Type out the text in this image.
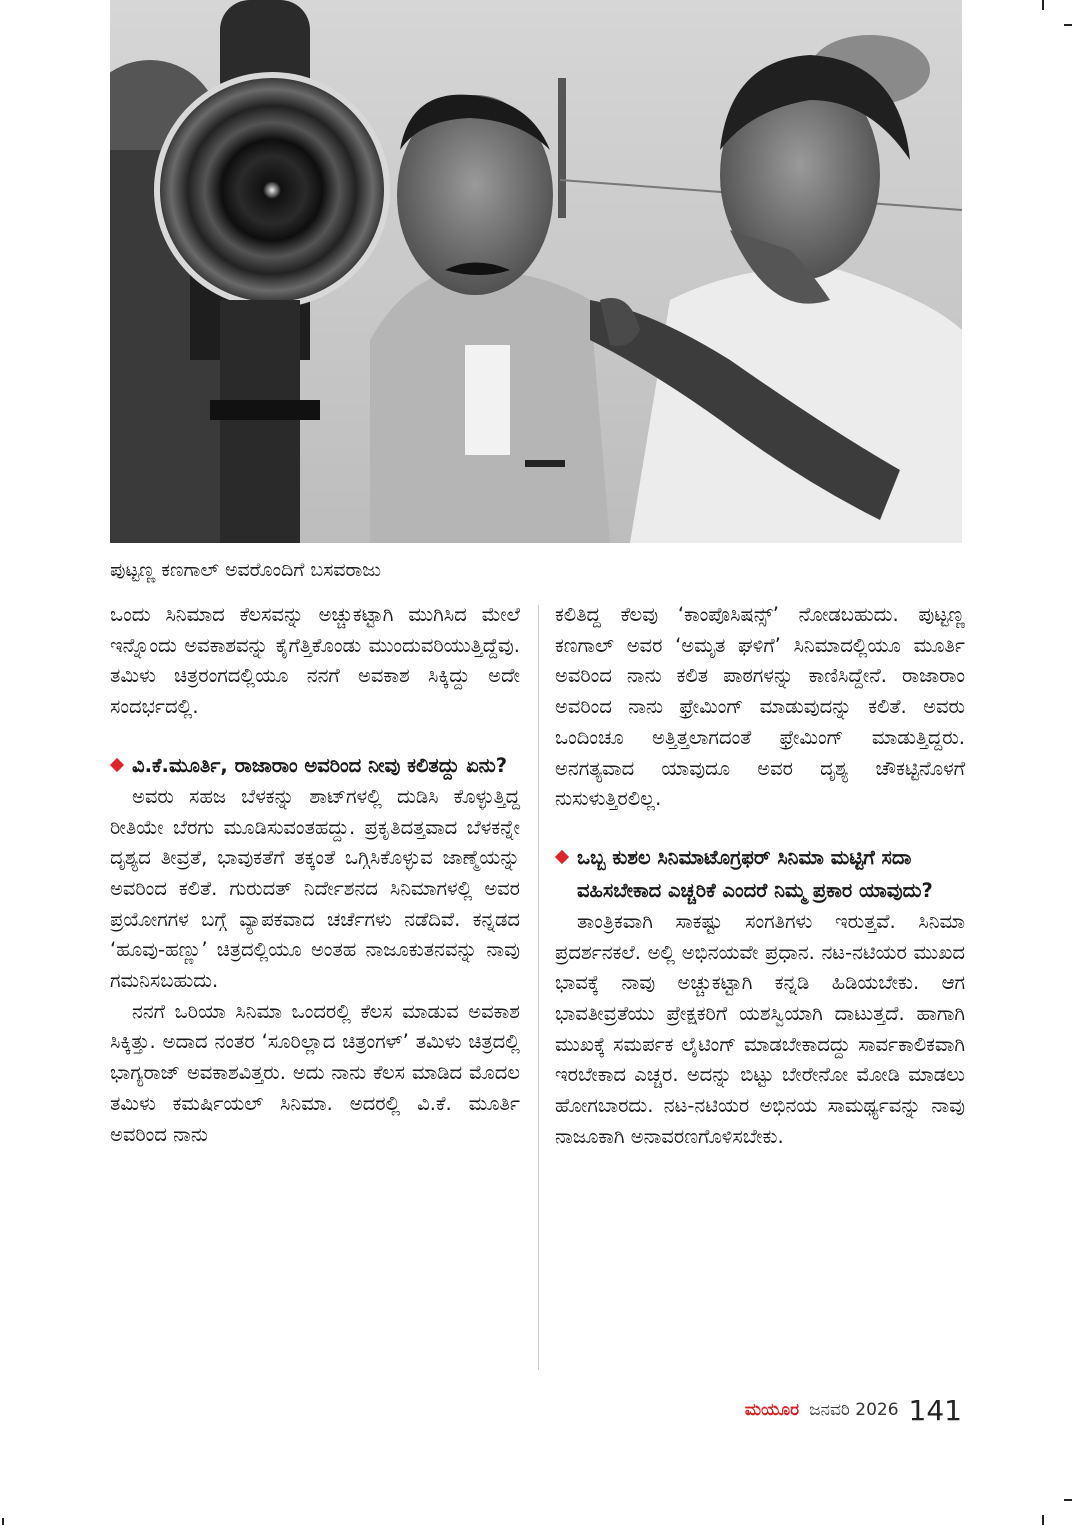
ಪುಟ್ಟಣ್ಣ ಕಣಗಾಲ್ ಅವರೊಂದಿಗೆ ಬಸವರಾಜು

ಒಂದು ಸಿನಿಮಾದ ಕೆಲಸವನ್ನು ಅಚ್ಚುಕಟ್ಟಾಗಿ ಮುಗಿಸಿದ ಮೇಲೆ ಇನ್ನೊಂದು ಅವಕಾಶವನ್ನು ಕೈಗೆತ್ತಿಕೊಂಡು ಮುಂದುವರಿಯುತ್ತಿದ್ದೆವು. ತಮಿಳು ಚಿತ್ರರಂಗದಲ್ಲಿಯೂ ನನಗೆ ಅವಕಾಶ ಸಿಕ್ಕಿದ್ದು ಅದೇ ಸಂದರ್ಭದಲ್ಲಿ.

ವಿ.ಕೆ.ಮೂರ್ತಿ, ರಾಜಾರಾಂ ಅವರಿಂದ ನೀವು ಕಲಿತದ್ದು ಏನು?

ಅವರು ಸಹಜ ಬೆಳಕನ್ನು ಶಾಟ್‌ಗಳಲ್ಲಿ ದುಡಿಸಿ ಕೊಳ್ಳುತ್ತಿದ್ದ ರೀತಿಯೇ ಬೆರಗು ಮೂಡಿಸುವಂತಹದ್ದು. ಪ್ರಕೃತಿದತ್ತವಾದ ಬೆಳಕನ್ನೇ ದೃಶ್ಯದ ತೀವ್ರತೆ, ಭಾವುಕತೆಗೆ ತಕ್ಕಂತೆ ಒಗ್ಗಿಸಿಕೊಳ್ಳುವ ಜಾಣ್ಮೆಯನ್ನು ಅವರಿಂದ ಕಲಿತೆ. ಗುರುದತ್ ನಿರ್ದೇಶನದ ಸಿನಿಮಾಗಳಲ್ಲಿ ಅವರ ಪ್ರಯೋಗಗಳ ಬಗ್ಗೆ ವ್ಯಾಪಕವಾದ ಚರ್ಚೆಗಳು ನಡೆದಿವೆ. ಕನ್ನಡದ ‘ಹೂವು-ಹಣ್ಣು’ ಚಿತ್ರದಲ್ಲಿಯೂ ಅಂತಹ ನಾಜೂಕುತನವನ್ನು ನಾವು ಗಮನಿಸಬಹುದು.

ನನಗೆ ಒರಿಯಾ ಸಿನಿಮಾ ಒಂದರಲ್ಲಿ ಕೆಲಸ ಮಾಡುವ ಅವಕಾಶ ಸಿಕ್ಕಿತ್ತು. ಅದಾದ ನಂತರ ‘ಸೂರಿಲ್ಲಾದ ಚಿತ್ರಂಗಳ್’ ತಮಿಳು ಚಿತ್ರದಲ್ಲಿ ಭಾಗ್ಯರಾಜ್ ಅವಕಾಶವಿತ್ತರು. ಅದು ನಾನು ಕೆಲಸ ಮಾಡಿದ ಮೊದಲ ತಮಿಳು ಕಮರ್ಷಿಯಲ್ ಸಿನಿಮಾ. ಅದರಲ್ಲಿ ವಿ.ಕೆ. ಮೂರ್ತಿ ಅವರಿಂದ ನಾನು

ಕಲಿತಿದ್ದ ಕೆಲವು ‘ಕಾಂಪೊಸಿಷನ್ಸ್’ ನೋಡಬಹುದು. ಪುಟ್ಟಣ್ಣ ಕಣಗಾಲ್ ಅವರ ‘ಅಮೃತ ಘಳಿಗೆ’ ಸಿನಿಮಾದಲ್ಲಿಯೂ ಮೂರ್ತಿ ಅವರಿಂದ ನಾನು ಕಲಿತ ಪಾಠಗಳನ್ನು ಕಾಣಿಸಿದ್ದೇನೆ. ರಾಜಾರಾಂ ಅವರಿಂದ ನಾನು ಫ್ರೇಮಿಂಗ್ ಮಾಡುವುದನ್ನು ಕಲಿತೆ. ಅವರು ಒಂದಿಂಚೂ ಅತ್ತಿತ್ತಲಾಗದಂತೆ ಫ್ರೇಮಿಂಗ್ ಮಾಡುತ್ತಿದ್ದರು. ಅನಗತ್ಯವಾದ ಯಾವುದೂ ಅವರ ದೃಶ್ಯ ಚೌಕಟ್ಟಿನೊಳಗೆ ನುಸುಳುತ್ತಿರಲಿಲ್ಲ.

ಒಬ್ಬ ಕುಶಲ ಸಿನಿಮಾಟೊಗ್ರಫರ್ ಸಿನಿಮಾ ಮಟ್ಟಿಗೆ ಸದಾ ವಹಿಸಬೇಕಾದ ಎಚ್ಚರಿಕೆ ಎಂದರೆ ನಿಮ್ಮ ಪ್ರಕಾರ ಯಾವುದು?

ತಾಂತ್ರಿಕವಾಗಿ ಸಾಕಷ್ಟು ಸಂಗತಿಗಳು ಇರುತ್ತವೆ. ಸಿನಿಮಾ ಪ್ರದರ್ಶನಕಲೆ. ಅಲ್ಲಿ ಅಭಿನಯವೇ ಪ್ರಧಾನ. ನಟ-ನಟಿಯರ ಮುಖದ ಭಾವಕ್ಕೆ ನಾವು ಅಚ್ಚುಕಟ್ಟಾಗಿ ಕನ್ನಡಿ ಹಿಡಿಯಬೇಕು. ಆಗ ಭಾವತೀವ್ರತೆಯು ಪ್ರೇಕ್ಷಕರಿಗೆ ಯಶಸ್ವಿಯಾಗಿ ದಾಟುತ್ತದೆ. ಹಾಗಾಗಿ ಮುಖಕ್ಕೆ ಸಮರ್ಪಕ ಲೈಟಿಂಗ್ ಮಾಡಬೇಕಾದದ್ದು ಸಾರ್ವಕಾಲಿಕವಾಗಿ ಇರಬೇಕಾದ ಎಚ್ಚರ. ಅದನ್ನು ಬಿಟ್ಟು ಬೇರೇನೋ ಮೋಡಿ ಮಾಡಲು ಹೋಗಬಾರದು. ನಟ-ನಟಿಯರ ಅಭಿನಯ ಸಾಮರ್ಥ್ಯವನ್ನು ನಾವು ನಾಜೂಕಾಗಿ ಅನಾವರಣಗೊಳಿಸಬೇಕು.

ಮಯೂರ ಜನವರಿ 2026 141
